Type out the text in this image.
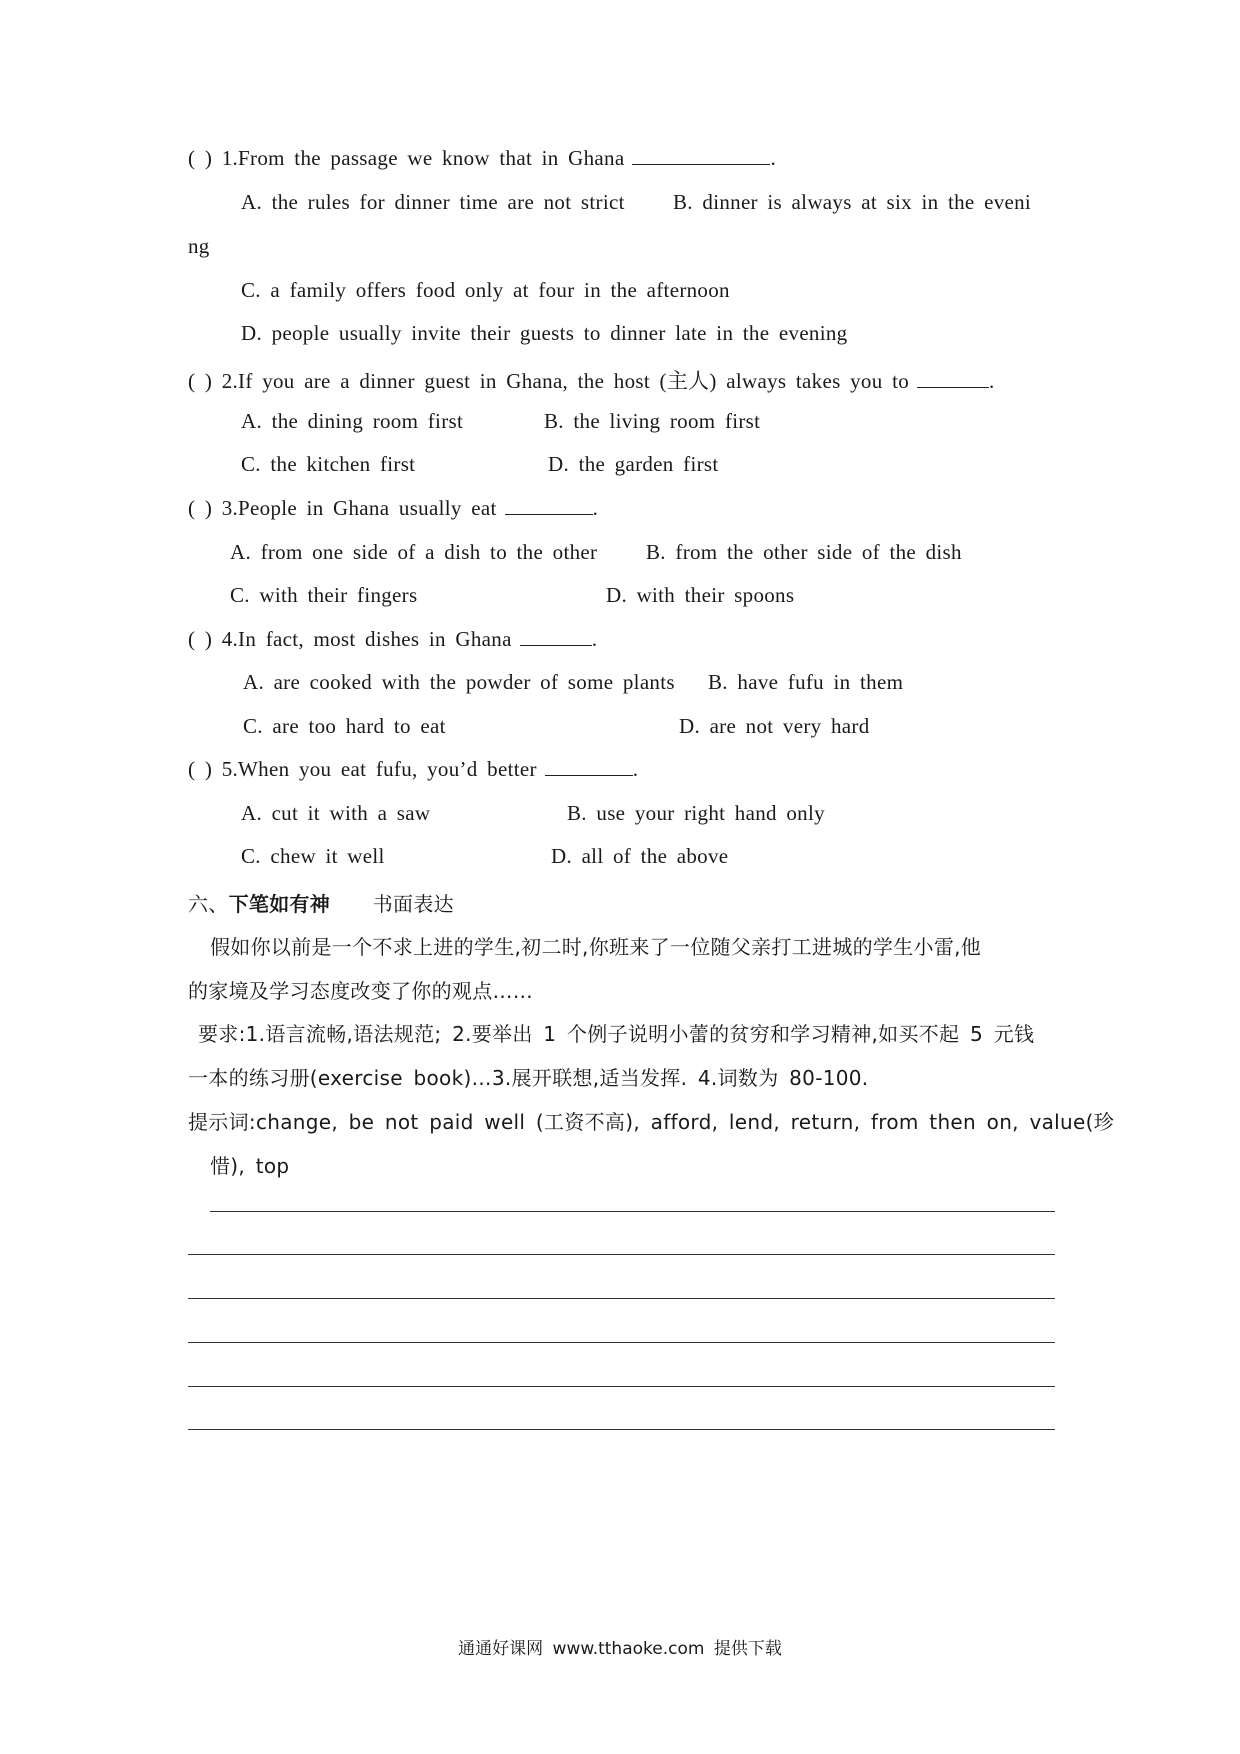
( ) 1.From the passage we know that in Ghana	.
A. the rules for dinner time are not strict B. dinner is always at six in the eveni
ng
C. a family offers food only at four in the afternoon
D. people usually invite their guests to dinner late in the evening
( ) 2.If you are a dinner guest in Ghana, the host (主人) always takes you to	.
A. the dining room first	B. the living room first
C. the kitchen first	D. the garden first
( ) 3.People in Ghana usually eat	.
A. from one side of a dish to the other B. from the other side of the dish
C. with their fingers	D. with their spoons
( ) 4.In fact, most dishes in Ghana	.
A. are cooked with the powder of some plants B. have fufu in them
C. are too hard to eat	D. are not very hard
( ) 5.When you eat fufu, you’d better	.
A. cut it with a saw	B. use your right hand only
C. chew it well	D. all of the above
六、下笔如有神 书面表达
假如你以前是一个不求上进的学生,初二时,你班来了一位随父亲打工进城的学生小雷,他
的家境及学习态度改变了你的观点……
要求:1.语言流畅,语法规范; 2.要举出 1 个例子说明小蕾的贫穷和学习精神,如买不起 5 元钱
一本的练习册(exercise book)…3.展开联想,适当发挥. 4.词数为 80-100.
提示词:change, be not paid well (工资不高), afford, lend, return, from then on, value(珍
惜), top
通通好课网 www.tthaoke.com 提供下载
